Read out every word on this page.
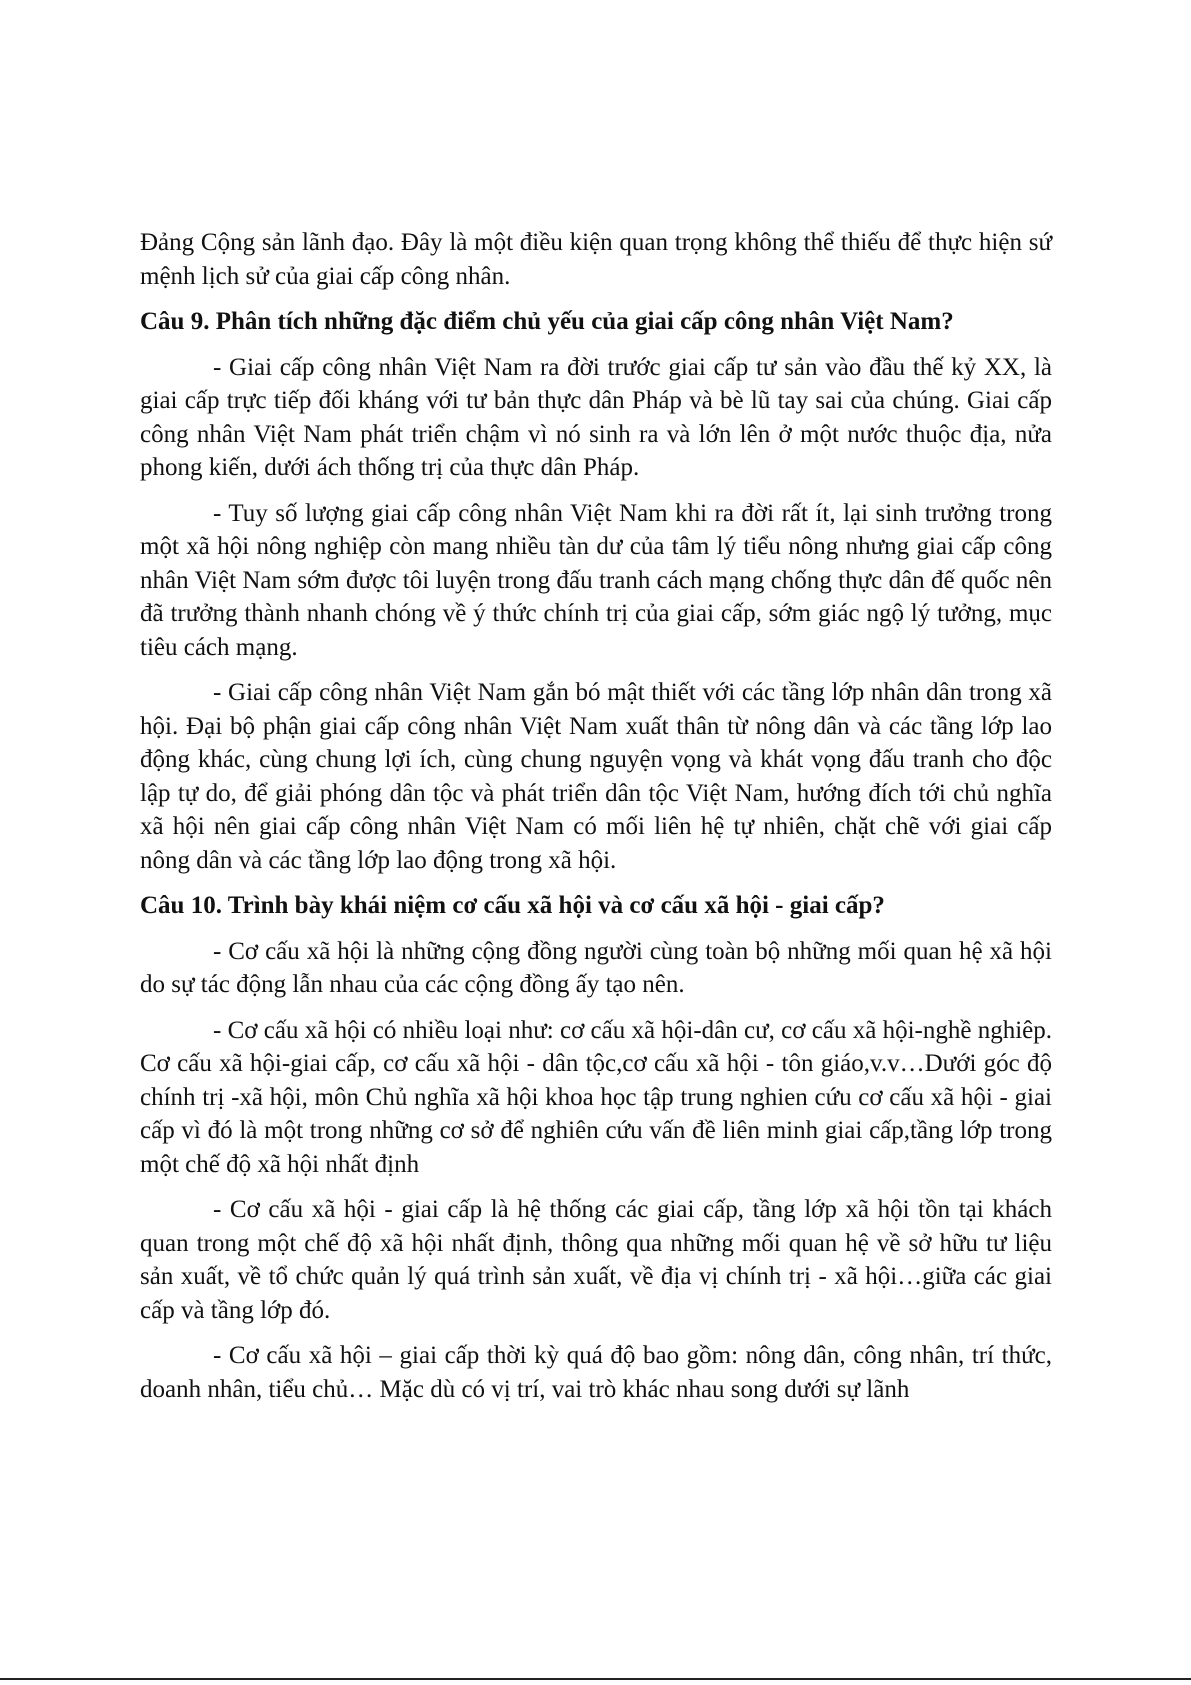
Đảng Cộng sản lãnh đạo. Đây là một điều kiện quan trọng không thể thiếu để thực hiện sứ mệnh lịch sử của giai cấp công nhân.

Câu 9. Phân tích những đặc điểm chủ yếu của giai cấp công nhân Việt Nam?

- Giai cấp công nhân Việt Nam ra đời trước giai cấp tư sản vào đầu thế kỷ XX, là giai cấp trực tiếp đối kháng với tư bản thực dân Pháp và bè lũ tay sai của chúng. Giai cấp công nhân Việt Nam phát triển chậm vì nó sinh ra và lớn lên ở một nước thuộc địa, nửa phong kiến, dưới ách thống trị của thực dân Pháp.

- Tuy số lượng giai cấp công nhân Việt Nam khi ra đời rất ít, lại sinh trưởng trong một xã hội nông nghiệp còn mang nhiều tàn dư của tâm lý tiểu nông nhưng giai cấp công nhân Việt Nam sớm được tôi luyện trong đấu tranh cách mạng chống thực dân đế quốc nên đã trưởng thành nhanh chóng về ý thức chính trị của giai cấp, sớm giác ngộ lý tưởng, mục tiêu cách mạng.

- Giai cấp công nhân Việt Nam gắn bó mật thiết với các tầng lớp nhân dân trong xã hội. Đại bộ phận giai cấp công nhân Việt Nam xuất thân từ nông dân và các tầng lớp lao động khác, cùng chung lợi ích, cùng chung nguyện vọng và khát vọng đấu tranh cho độc lập tự do, để giải phóng dân tộc và phát triển dân tộc Việt Nam, hướng đích tới chủ nghĩa xã hội nên giai cấp công nhân Việt Nam có mối liên hệ tự nhiên, chặt chẽ với giai cấp nông dân và các tầng lớp lao động trong xã hội.

Câu 10. Trình bày khái niệm cơ cấu xã hội và cơ cấu xã hội - giai cấp?

- Cơ cấu xã hội là những cộng đồng người cùng toàn bộ những mối quan hệ xã hội do sự tác động lẫn nhau của các cộng đồng ấy tạo nên.

- Cơ cấu xã hội có nhiều loại như: cơ cấu xã hội-dân cư, cơ cấu xã hội-nghề nghiêp. Cơ cấu xã hội-giai cấp, cơ cấu xã hội - dân tộc,cơ cấu xã hội - tôn giáo,v.v…Dưới góc độ chính trị -xã hội, môn Chủ nghĩa xã hội khoa học tập trung nghien cứu cơ cấu xã hội - giai cấp vì đó là một trong những cơ sở để nghiên cứu vấn đề liên minh giai cấp,tầng lớp trong một chế độ xã hội nhất định

- Cơ cấu xã hội - giai cấp là hệ thống các giai cấp, tầng lớp xã hội tồn tại khách quan trong một chế độ xã hội nhất định, thông qua những mối quan hệ về sở hữu tư liệu sản xuất, về tổ chức quản lý quá trình sản xuất, về địa vị chính trị - xã hội…giữa các giai cấp và tầng lớp đó.

- Cơ cấu xã hội – giai cấp thời kỳ quá độ bao gồm: nông dân, công nhân, trí thức, doanh nhân, tiểu chủ… Mặc dù có vị trí, vai trò khác nhau song dưới sự lãnh
